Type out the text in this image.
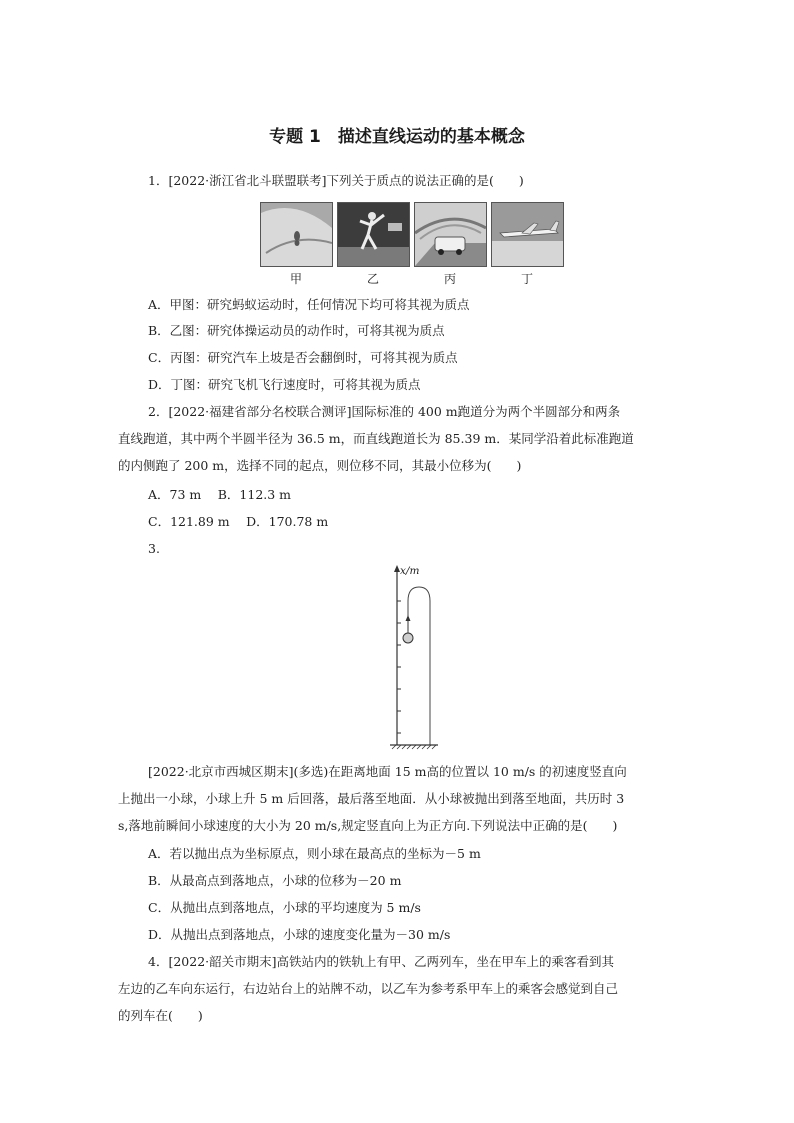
专题 1　描述直线运动的基本概念
1．[2022·浙江省北斗联盟联考]下列关于质点的说法正确的是(　　)
甲	乙	丙	丁
A．甲图：研究蚂蚁运动时，任何情况下均可将其视为质点
B．乙图：研究体操运动员的动作时，可将其视为质点
C．丙图：研究汽车上坡是否会翻倒时，可将其视为质点
D．丁图：研究飞机飞行速度时，可将其视为质点
2．[2022·福建省部分名校联合测评]国际标准的 400 m跑道分为两个半圆部分和两条
直线跑道，其中两个半圆半径为 36.5 m，而直线跑道长为 85.39 m．某同学沿着此标准跑道
的内侧跑了 200 m，选择不同的起点，则位移不同，其最小位移为(　　)
A．73 m　 B．112.3 m
C．121.89 m　 D．170.78 m
3.
x/m
[2022·北京市西城区期末](多选)在距离地面 15 m高的位置以 10 m/s 的初速度竖直向
上抛出一小球，小球上升 5 m 后回落，最后落至地面．从小球被抛出到落至地面，共历时 3
s,落地前瞬间小球速度的大小为 20 m/s,规定竖直向上为正方向.下列说法中正确的是(　　)
A．若以抛出点为坐标原点，则小球在最高点的坐标为－5 m
B．从最高点到落地点，小球的位移为－20 m
C．从抛出点到落地点，小球的平均速度为 5 m/s
D．从抛出点到落地点，小球的速度变化量为－30 m/s
4．[2022·韶关市期末]高铁站内的铁轨上有甲、乙两列车，坐在甲车上的乘客看到其
左边的乙车向东运行，右边站台上的站牌不动，以乙车为参考系甲车上的乘客会感觉到自己
的列车在(　　)
